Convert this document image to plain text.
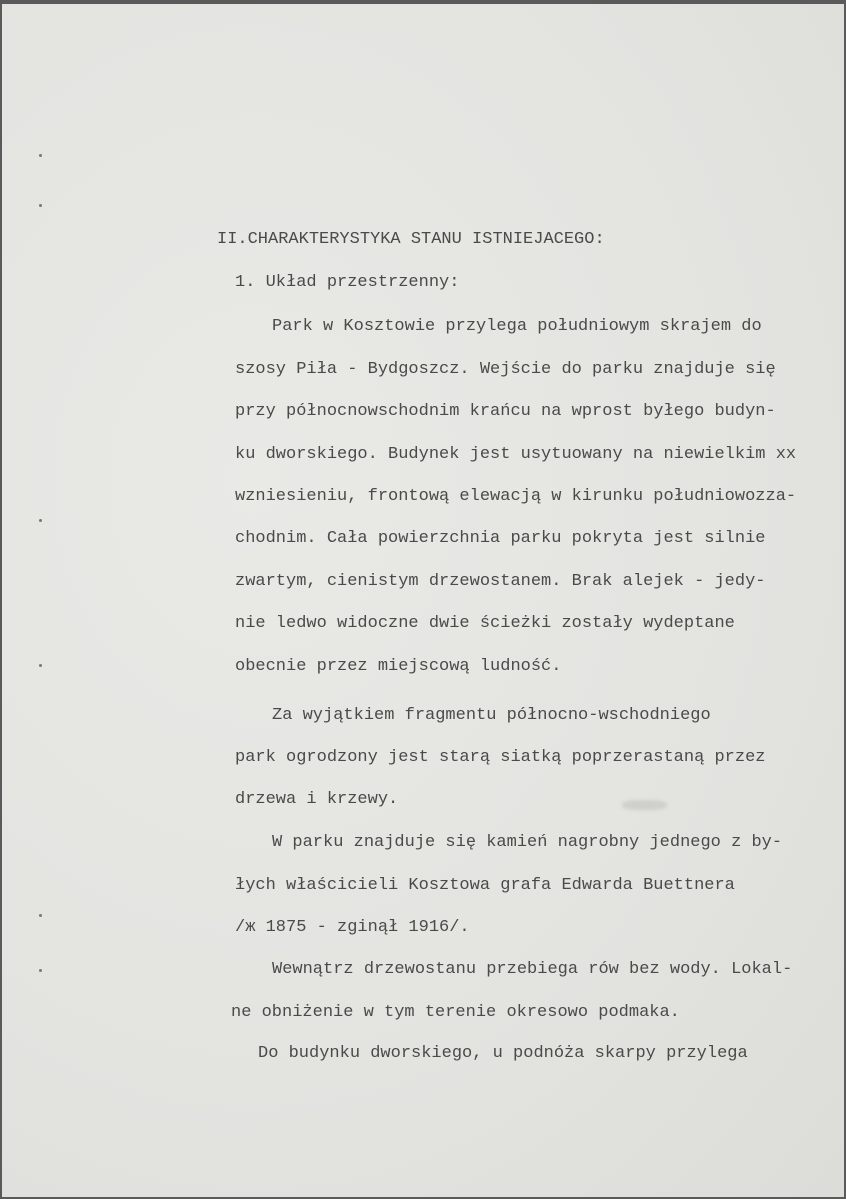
II.CHARAKTERYSTYKA STANU ISTNIEJACEGO:
1. Układ przestrzenny:
Park w Kosztowie przylega południowym skrajem do
szosy Piła - Bydgoszcz. Wejście do parku znajduje się
przy północnowschodnim krańcu na wprost byłego budyn-
ku dworskiego. Budynek jest usytuowany na niewielkim xx
wzniesieniu, frontową elewacją w kirunku południowozza-
chodnim. Cała powierzchnia parku pokryta jest silnie
zwartym, cienistym drzewostanem. Brak alejek - jedy-
nie ledwo widoczne dwie ścieżki zostały wydeptane
obecnie przez miejscową ludność.
Za wyjątkiem fragmentu północno-wschodniego
park ogrodzony jest starą siatką poprzerastaną przez
drzewa i krzewy.
W parku znajduje się kamień nagrobny jednego z by-
łych właścicieli Kosztowa grafa Edwarda Buettnera
/ж 1875 - zginął 1916/.
Wewnątrz drzewostanu przebiega rów bez wody. Lokal-
ne obniżenie w tym terenie okresowo podmaka.
Do budynku dworskiego, u podnóża skarpy przylega
